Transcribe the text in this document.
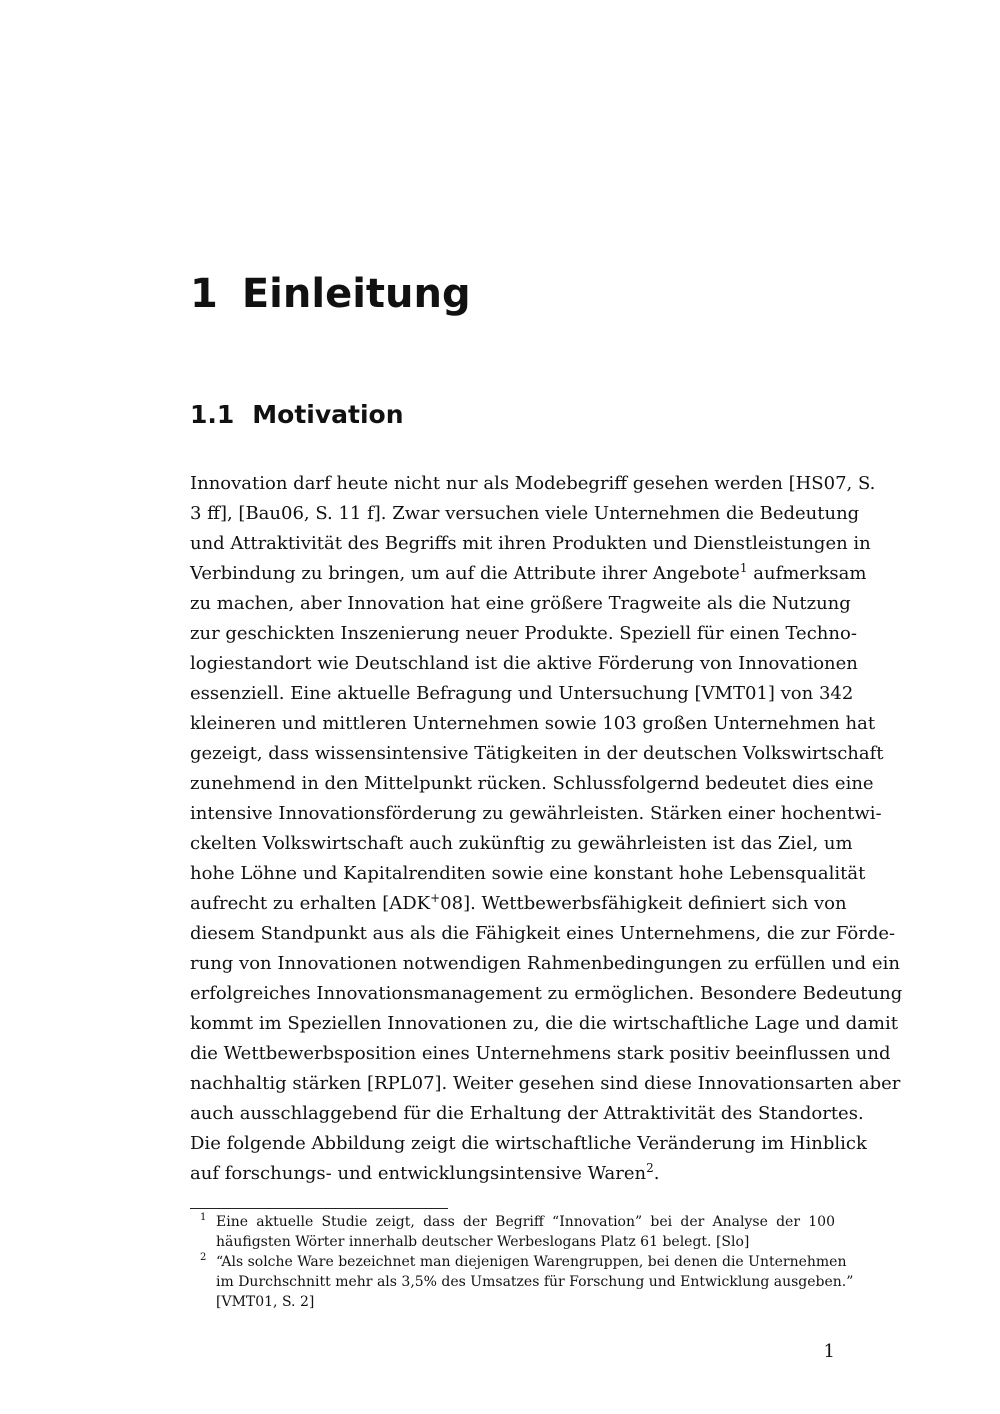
1 Einleitung
1.1 Motivation
Innovation darf heute nicht nur als Modebegriff gesehen werden [HS07, S.
3 ff], [Bau06, S. 11 f]. Zwar versuchen viele Unternehmen die Bedeutung
und Attraktivität des Begriffs mit ihren Produkten und Dienstleistungen in
Verbindung zu bringen, um auf die Attribute ihrer Angebote$^1$ aufmerksam
zu machen, aber Innovation hat eine größere Tragweite als die Nutzung
zur geschickten Inszenierung neuer Produkte. Speziell für einen Techno-
logiestandort wie Deutschland ist die aktive Förderung von Innovationen
essenziell. Eine aktuelle Befragung und Untersuchung [VMT01] von 342
kleineren und mittleren Unternehmen sowie 103 großen Unternehmen hat
gezeigt, dass wissensintensive Tätigkeiten in der deutschen Volkswirtschaft
zunehmend in den Mittelpunkt rücken. Schlussfolgernd bedeutet dies eine
intensive Innovationsförderung zu gewährleisten. Stärken einer hochentwi-
ckelten Volkswirtschaft auch zukünftig zu gewährleisten ist das Ziel, um
hohe Löhne und Kapitalrenditen sowie eine konstant hohe Lebensqualität
aufrecht zu erhalten [ADK+08]. Wettbewerbsfähigkeit definiert sich von
diesem Standpunkt aus als die Fähigkeit eines Unternehmens, die zur Förde-
rung von Innovationen notwendigen Rahmenbedingungen zu erfüllen und ein
erfolgreiches Innovationsmanagement zu ermöglichen. Besondere Bedeutung
kommt im Speziellen Innovationen zu, die die wirtschaftliche Lage und damit
die Wettbewerbsposition eines Unternehmens stark positiv beeinflussen und
nachhaltig stärken [RPL07]. Weiter gesehen sind diese Innovationsarten aber
auch ausschlaggebend für die Erhaltung der Attraktivität des Standortes.
Die folgende Abbildung zeigt die wirtschaftliche Veränderung im Hinblick
auf forschungs- und entwicklungsintensive Waren$^2$.
1 Eine aktuelle Studie zeigt, dass der Begriff “Innovation” bei der Analyse der 100
häufigsten Wörter innerhalb deutscher Werbeslogans Platz 61 belegt. [Slo]
2 “Als solche Ware bezeichnet man diejenigen Warengruppen, bei denen die Unternehmen
im Durchschnitt mehr als 3,5% des Umsatzes für Forschung und Entwicklung ausgeben.”
[VMT01, S. 2]
1
